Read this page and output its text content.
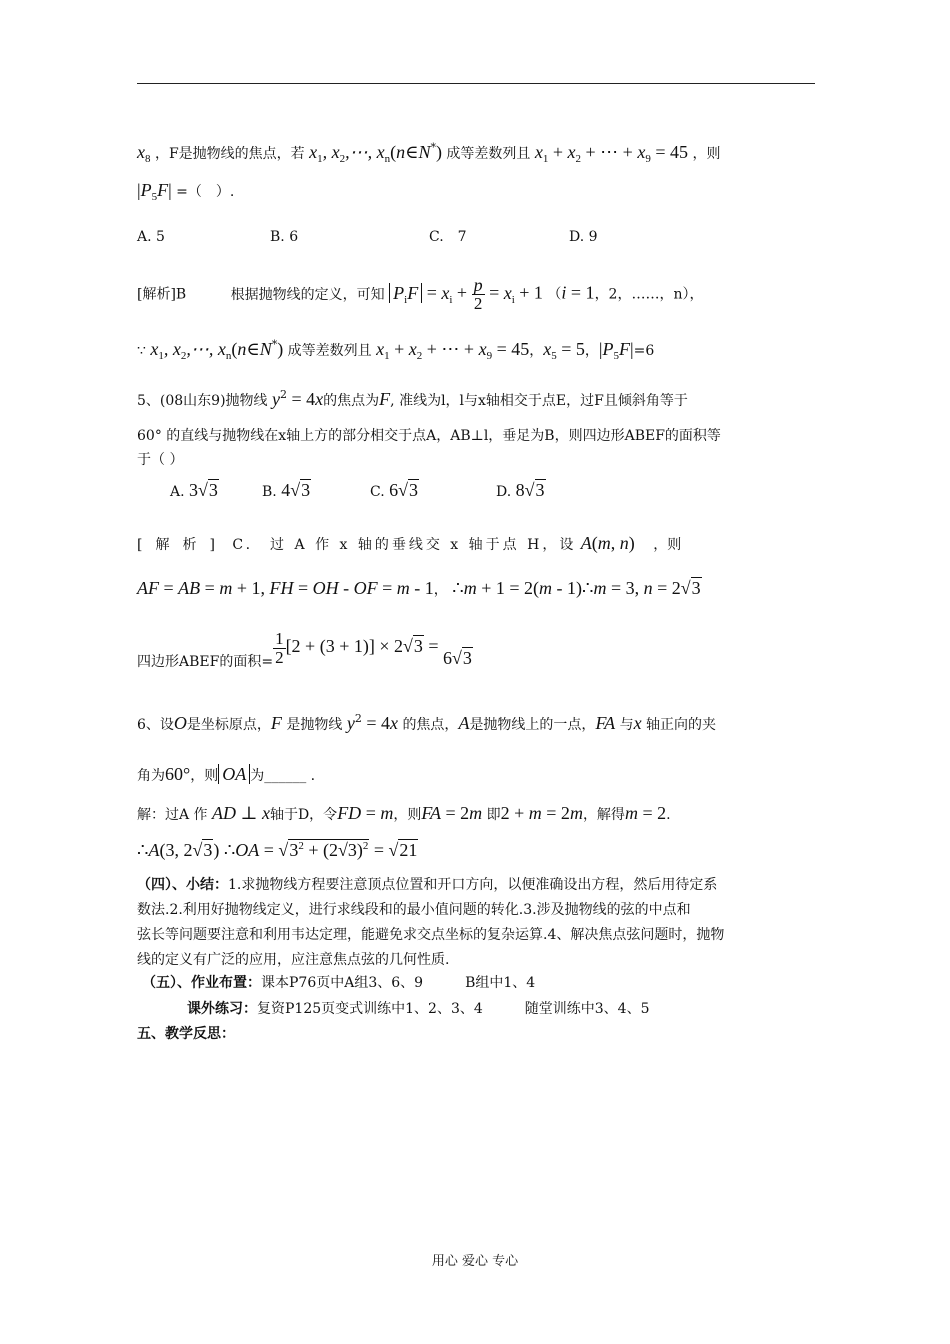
$x_8$ ，F是抛物线的焦点，若 $x_1$, $x_2,\cdots$, $x_n(n\in N^*)$ 成等差数列且 $x_1 + x_2$ + ⋯ + $x_9 = 45$ ，则
$|P_5F|$ =（　）.
A. 5	B. 6	C.　7	D. 9
[解析]B	根据抛物线的定义，可知 $P_iF = x_i + \frac{p}{2} = x_i + 1$ （i = 1，2，……，n），
∵ $x_1$, $x_2,\cdots$, $x_n(n\in N^*)$ 成等差数列且 $x_1 + x_2$ + ⋯ + $x_9 = 45$，$x_5 = 5$，$|P_5F|=6$
5、(08山东9)抛物线 $y^2 = 4x$的焦点为F, 准线为l，l与x轴相交于点E，过F且倾斜角等于
60° 的直线与抛物线在x轴上方的部分相交于点A，AB⊥l，垂足为B，则四边形ABEF的面积等
于（ ）
A. 3√3	B. 4√3	C. 6√3	D. 8√3
[解析] C.　过 A 作 x 轴的垂线交 x 轴于点 H，设 A(m, n) ，则
AF = AB = m + 1, FH = OH - OF = m - 1， ∴m + 1 = 2(m - 1)∴m = 3, n = 2√3
四边形ABEF的面积= $\frac{1}{2} [2 + (3 + 1)] \times 2√3 = 6√3$
6、设O是坐标原点，F 是抛物线 $y^2 = 4x$ 的焦点，A是抛物线上的一点，FA 与x 轴正向的夹
角为60°，则 OA 为______ .
解：过A 作 AD ⊥ x轴于D，令FD = m，则FA = 2m 即2 + m = 2m，解得m = 2.
∴A(3, 2√3) ∴OA = $√3^2 + (2√3)^2 = √21$
（四）、小结：1.求抛物线方程要注意顶点位置和开口方向，以便准确设出方程，然后用待定系
数法.2.利用好抛物线定义，进行求线段和的最小值问题的转化.3.涉及抛物线的弦的中点和
弦长等问题要注意和利用韦达定理，能避免求交点坐标的复杂运算.4、解决焦点弦问题时，抛物
线的定义有广泛的应用，应注意焦点弦的几何性质.
（五）、作业布置：课本P76页中A组3、6、9　　　B组中1、4
课外练习：复资P125页变式训练中1、2、3、4　　　随堂训练中3、4、5
五、教学反思：
用心 爱心 专心
